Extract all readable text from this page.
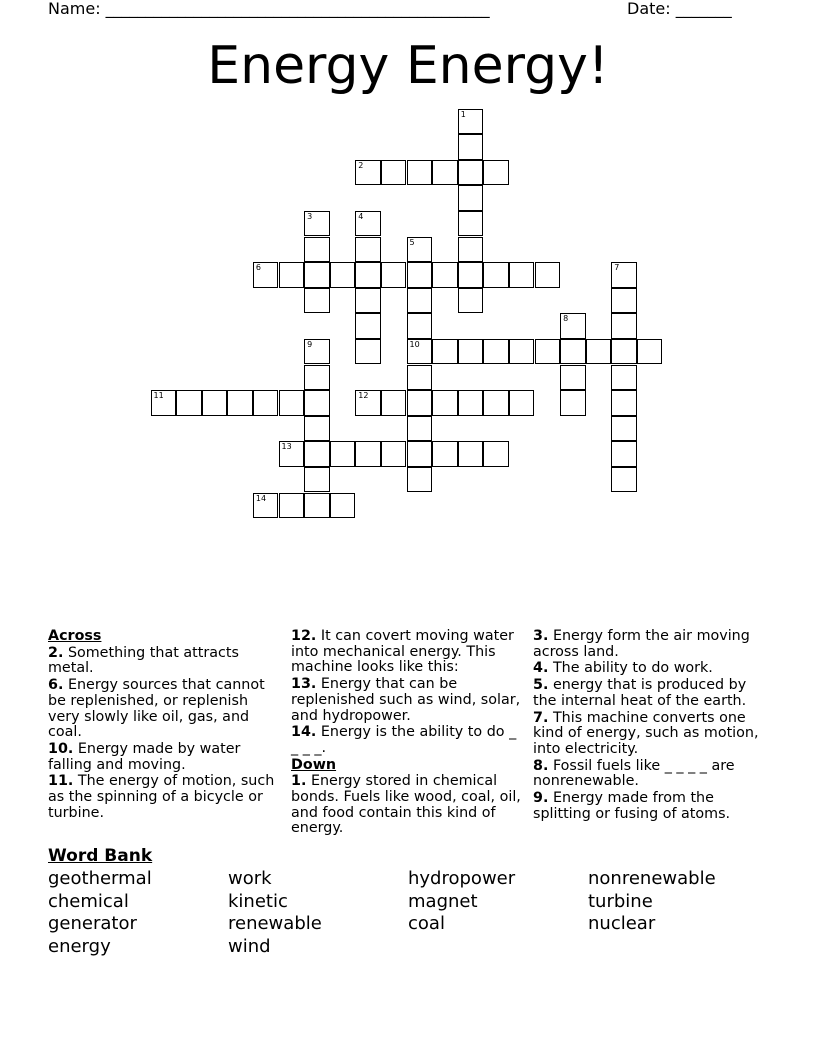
Name: ________________________________________________	Date: _______
Energy Energy!
1
2
3	4
5
10
6	7
8
9
11	12
13
14
Across
2. Something that attracts metal.
6. Energy sources that cannot be replenished, or replenish very slowly like oil, gas, and coal.
10. Energy made by water falling and moving.
11. The energy of motion, such as the spinning of a bicycle or turbine.
12. It can covert moving water into mechanical energy. This machine looks like this:
13. Energy that can be replenished such as wind, solar, and hydropower.
14. Energy is the ability to do _ _ _ _.
Down
1. Energy stored in chemical bonds. Fuels like wood, coal, oil, and food contain this kind of energy.
3. Energy form the air moving across land.
4. The ability to do work.
5. energy that is produced by the internal heat of the earth.
7. This machine converts one kind of energy, such as motion, into electricity.
8. Fossil fuels like _ _ _ _ are nonrenewable.
9. Energy made from the splitting or fusing of atoms.
Word Bank
geothermal	work	hydropower	nonrenewable
chemical	kinetic	magnet	turbine
generator	renewable	coal	nuclear
energy	wind
